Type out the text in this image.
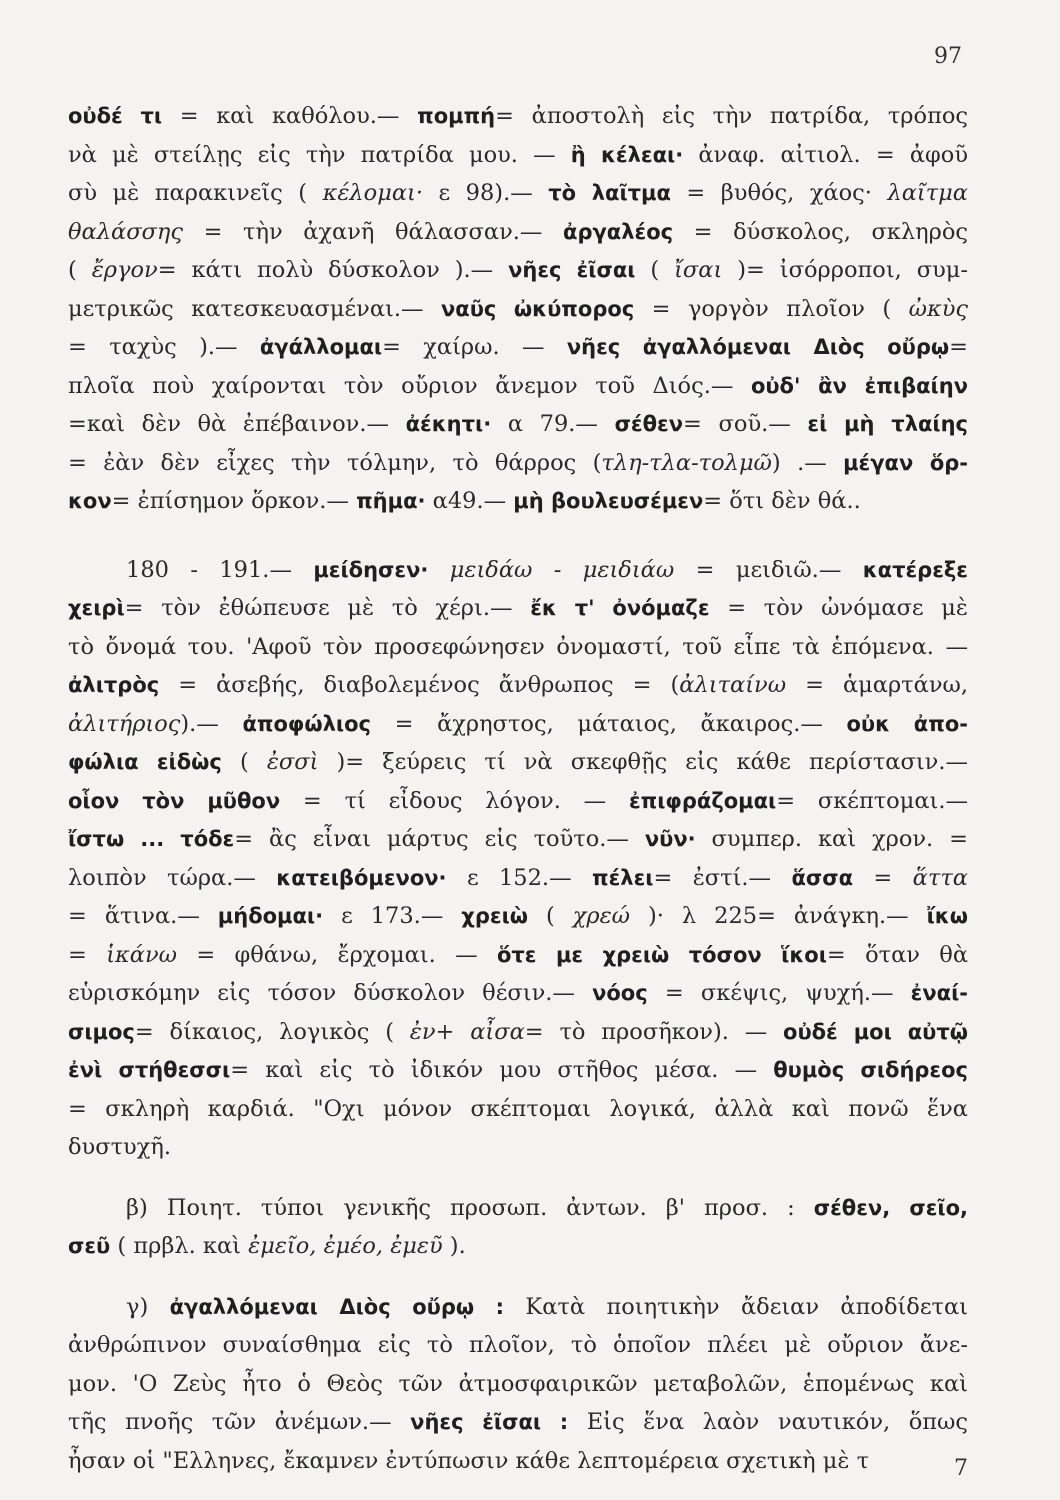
97
οὐδέ τι = καὶ καθόλου.— πομπή= ἀποστολὴ εἰς τὴν πατρίδα, τρόπος
νὰ μὲ στείλῃς εἰς τὴν πατρίδα μου. — ἢ κέλεαι· ἀναφ. αἰτιολ. = ἀφοῦ
σὺ μὲ παρακινεῖς ( κέλομαι· ε 98).— τὸ λαῖτμα = βυθός, χάος· λαῖτμα
θαλάσσης = τὴν ἀχανῆ θάλασσαν.— ἀργαλέος = δύσκολος, σκληρὸς
( ἔργον= κάτι πολὺ δύσκολον ).— νῆες ἐῖσαι ( ἴσαι )= ἰσόρροποι, συμ-
μετρικῶς κατεσκευασμέναι.— ναῦς ὠκύπορος = γοργὸν πλοῖον ( ὠκὺς
= ταχὺς ).— ἀγάλλομαι= χαίρω. — νῆες ἀγαλλόμεναι Διὸς οὔρῳ=
πλοῖα ποὺ χαίρονται τὸν οὔριον ἄνεμον τοῦ Διός.— οὐδ' ἂν ἐπιβαίην
=καὶ δὲν θὰ ἐπέβαινον.— ἀέκητι· α 79.— σέθεν= σοῦ.— εἰ μὴ τλαίης
= ἐὰν δὲν εἶχες τὴν τόλμην, τὸ θάρρος (τλη-τλα-τολμῶ) .— μέγαν ὅρ-
κον= ἐπίσημον ὅρκον.— πῆμα· α49.— μὴ βουλευσέμεν= ὅτι δὲν θά..
180 - 191.— μείδησεν· μειδάω - μειδιάω = μειδιῶ.— κατέρεξε
χειρὶ= τὸν ἐθώπευσε μὲ τὸ χέρι.— ἔκ τ' ὀνόμαζε = τὸν ὠνόμασε μὲ
τὸ ὄνομά του. 'Αφοῦ τὸν προσεφώνησεν ὀνομαστί, τοῦ εἶπε τὰ ἑπόμενα. —
ἀλιτρὸς = ἀσεβής, διαβολεμένος ἄνθρωπος = (ἀλιταίνω = ἁμαρτάνω,
ἀλιτήριος).— ἀποφώλιος = ἄχρηστος, μάταιος, ἄκαιρος.— οὐκ ἀπο-
φώλια εἰδὼς ( ἐσσὶ )= ξεύρεις τί νὰ σκεφθῇς εἰς κάθε περίστασιν.—
οἷον τὸν μῦθον = τί εἶδους λόγον. — ἐπιφράζομαι= σκέπτομαι.—
ἴστω ... τόδε= ἂς εἶναι μάρτυς εἰς τοῦτο.— νῦν· συμπερ. καὶ χρον. =
λοιπὸν τώρα.— κατειβόμενον· ε 152.— πέλει= ἐστί.— ἅσσα = ἅττα
= ἅτινα.— μήδομαι· ε 173.— χρειὼ ( χρεώ )· λ 225= ἀνάγκη.— ἴκω
= ἱκάνω = φθάνω, ἔρχομαι. — ὅτε με χρειὼ τόσον ἵκοι= ὅταν θὰ
εὑρισκόμην εἰς τόσον δύσκολον θέσιν.— νόος = σκέψις, ψυχή.— ἐναί-
σιμος= δίκαιος, λογικὸς ( ἐν+ αἶσα= τὸ προσῆκον). — οὐδέ μοι αὐτῷ
ἐνὶ στήθεσσι= καὶ εἰς τὸ ἰδικόν μου στῆθος μέσα. — θυμὸς σιδήρεος
= σκληρὴ καρδιά. "Οχι μόνον σκέπτομαι λογικά, ἀλλὰ καὶ πονῶ ἕνα
δυστυχῆ.
β) Ποιητ. τύποι γενικῆς προσωπ. ἀντων. β' προσ. : σέθεν, σεῖο,
σεῦ ( πρβλ. καὶ ἐμεῖο, ἐμέο, ἐμεῦ ).
γ) ἀγαλλόμεναι Διὸς οὔρῳ : Κατὰ ποιητικὴν ἄδειαν ἀποδίδεται
ἀνθρώπινον συναίσθημα εἰς τὸ πλοῖον, τὸ ὁποῖον πλέει μὲ οὔριον ἄνε-
μον. 'Ο Ζεὺς ἦτο ὁ Θεὸς τῶν ἀτμοσφαιρικῶν μεταβολῶν, ἑπομένως καὶ
τῆς πνοῆς τῶν ἀνέμων.— νῆες ἐῖσαι : Εἰς ἕνα λαὸν ναυτικόν, ὅπως
ἦσαν οἱ "Ελληνες, ἔκαμνεν ἐντύπωσιν κάθε λεπτομέρεια σχετικὴ μὲ τ	7
